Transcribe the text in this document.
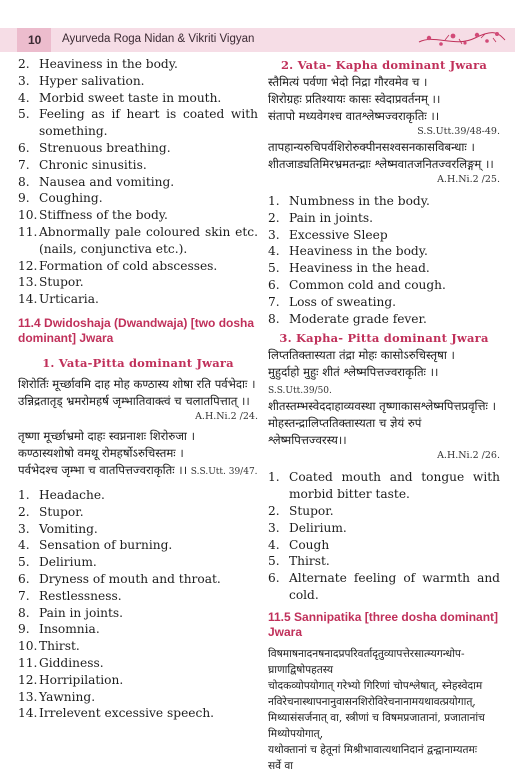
10 Ayurveda Roga Nidan & Vikriti Vigyan
2. Heaviness in the body.
3. Hyper salivation.
4. Morbid sweet taste in mouth.
5. Feeling as if heart is coated with something.
6. Strenuous breathing.
7. Chronic sinusitis.
8. Nausea and vomiting.
9. Coughing.
10. Stiffness of the body.
11. Abnormally pale coloured skin etc. (nails, conjunctiva etc.).
12. Formation of cold abscesses.
13. Stupor.
14. Urticaria.
11.4 Dwidoshaja (Dwandwaja) [two dosha dominant] Jwara
1. Vata-Pitta dominant Jwara
शिरोर्तिः मूर्च्छावमि दाह मोह कण्ठास्य शोषा रति पर्वभेदाः ।
उन्निद्रतातृड् भ्रमरोमहर्ष जृम्भातिवाक्त्वं च चलातपित्तात् ।।
A.H.Ni.2 /24.
तृष्णा मूर्च्छाभ्रमो दाहः स्वप्ननाशः शिरोरुजा ।
कण्ठास्यशोषो वमथू रोमहर्षोऽरुचिस्तमः ।
पर्वभेदश्च जृम्भा च वातपित्तज्वराकृतिः ।। S.S.Utt. 39/47.
1. Headache.
2. Stupor.
3. Vomiting.
4. Sensation of burning.
5. Delirium.
6. Dryness of mouth and throat.
7. Restlessness.
8. Pain in joints.
9. Insomnia.
10. Thirst.
11. Giddiness.
12. Horripilation.
13. Yawning.
14. Irrelevent excessive speech.
2. Vata- Kapha dominant Jwara
स्तैमित्यं पर्वणा भेदो निद्रा गौरवमेव च ।
शिरोग्रहः प्रतिश्यायः कासः स्वेदाप्रवर्तनम् ।।
संतापो मध्यवेगश्च वातश्लेष्मज्वराकृतिः ।।
S.S.Utt.39/48-49.
तापहान्यरुचिपर्वशिरोरुक्पीनसश्वसनकासविबन्धाः ।
शीतजाड्यतिमिरभ्रमतन्द्राः श्लेष्मवातजनितज्वरलिङ्गम् ।।
A.H.Ni.2 /25.
1. Numbness in the body.
2. Pain in joints.
3. Excessive Sleep
4. Heaviness in the body.
5. Heaviness in the head.
6. Common cold and cough.
7. Loss of sweating.
8. Moderate grade fever.
3. Kapha- Pitta dominant Jwara
लिप्ततिक्तास्यता तंद्रा मोहः कासोऽरुचिस्तृषा ।
मुहुर्दाहो मुहुः शीतं श्लेष्मपित्तज्वराकृतिः ।। S.S.Utt.39/50.
शीतस्तम्भस्वेददाहाव्यवस्था तृष्णाकासश्लेष्मपित्तप्रवृत्तिः ।
मोहस्तन्द्रालिप्ततिक्तास्यता च ज्ञेयं रुपं श्लेष्मपित्तज्वरस्य।।
A.H.Ni.2 /26.
1. Coated mouth and tongue with morbid bitter taste.
2. Stupor.
3. Delirium.
4. Cough
5. Thirst.
6. Alternate feeling of warmth and cold.
11.5 Sannipatika [three dosha dominant] Jwara
विषमाषनादनषनादप्रपरिवर्तादृतुव्यापत्तेरसात्म्यगन्धोप-
घ्राणाद्विषोपहतस्य
चोदकव्योपयोगात् गरेभ्यो गिरिणां चोपश्लेषात्, स्नेहस्वेदाम
नविरेचनास्थापनानुवासनशिरोविरेचनानामयथावत्प्रयोगात्,
मिथ्यासंसर्जनात् वा, स्त्रीणां च विषमप्रजातानां, प्रजातानांच
मिथ्योपयोगात्,
यथोक्तानां च हेतूनां मिश्रीभावात्यथानिदानं द्वन्द्वानाम्यतमः
सर्वे वा
